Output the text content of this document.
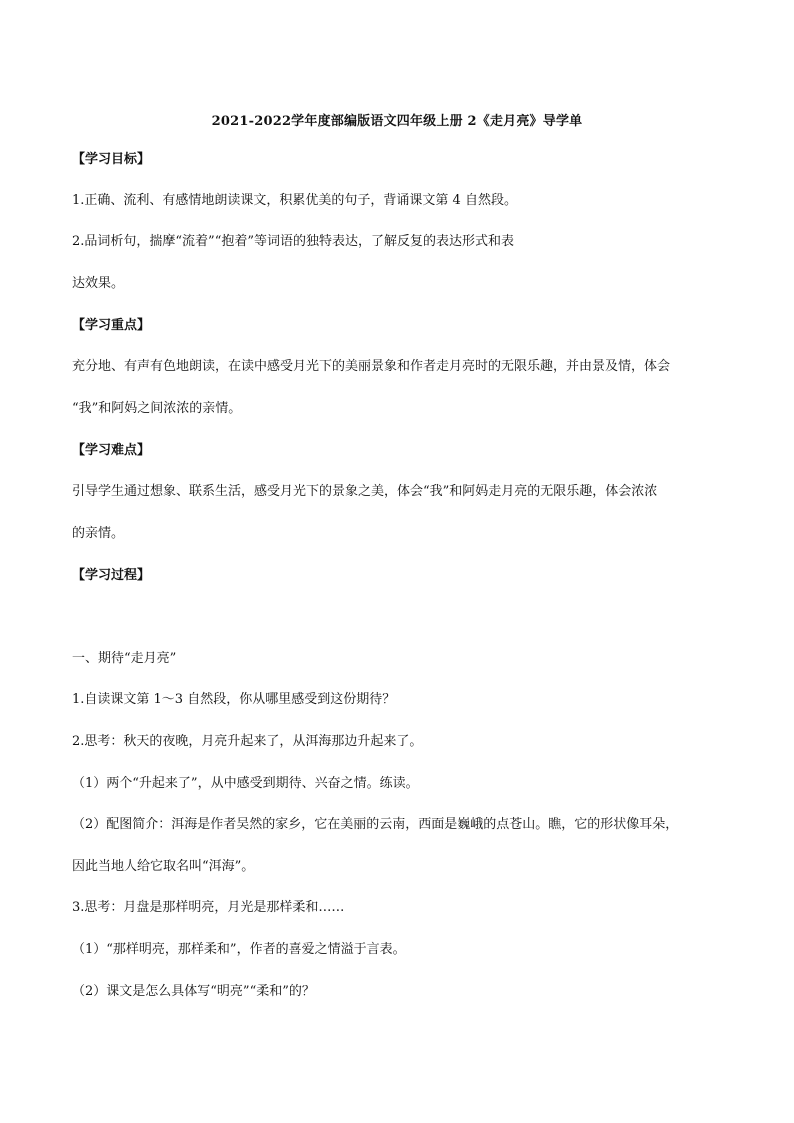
2021-2022学年度部编版语文四年级上册 2《走月亮》导学单
【学习目标】
1.正确、流利、有感情地朗读课文，积累优美的句子，背诵课文第 4 自然段。
2.品词析句，揣摩“流着”“抱着”等词语的独特表达，了解反复的表达形式和表
达效果。
【学习重点】
充分地、有声有色地朗读，在读中感受月光下的美丽景象和作者走月亮时的无限乐趣，并由景及情，体会
“我”和阿妈之间浓浓的亲情。
【学习难点】
引导学生通过想象、联系生活，感受月光下的景象之美，体会“我”和阿妈走月亮的无限乐趣，体会浓浓
的亲情。
【学习过程】
一、期待“走月亮”
1.自读课文第 1～3 自然段，你从哪里感受到这份期待？
2.思考：秋天的夜晚，月亮升起来了，从洱海那边升起来了。
（1）两个“升起来了”，从中感受到期待、兴奋之情。练读。
（2）配图简介：洱海是作者吴然的家乡，它在美丽的云南，西面是巍峨的点苍山。瞧，它的形状像耳朵，
因此当地人给它取名叫“洱海”。
3.思考：月盘是那样明亮，月光是那样柔和……
（1）“那样明亮，那样柔和”，作者的喜爱之情溢于言表。
（2）课文是怎么具体写“明亮”“柔和”的？
